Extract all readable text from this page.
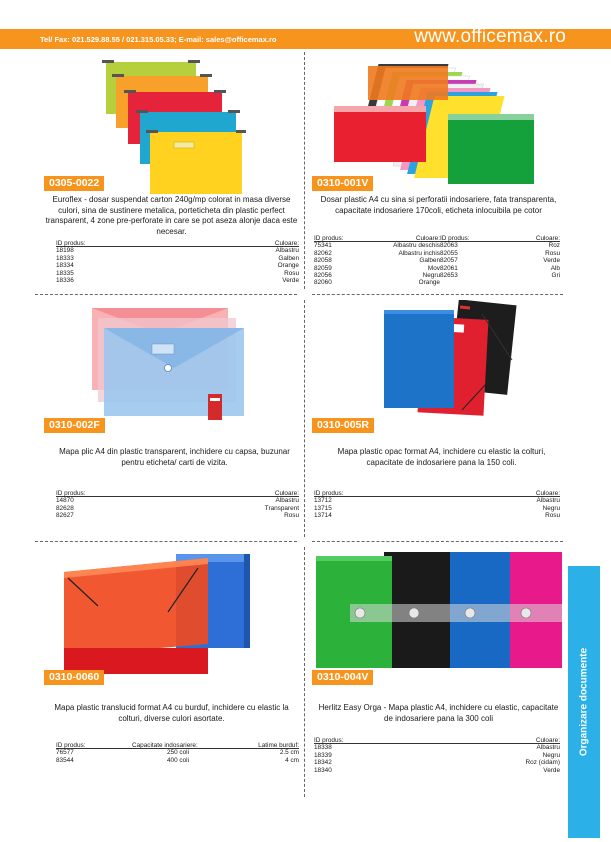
Tel/ Fax: 021.529.88.55 / 021.315.05.33; E-mail: sales@officemax.ro	www.officemax.ro
Organizare documente
0305-0022
Euroflex - dosar suspendat carton 240g/mp colorat in masa diverse culori, sina de sustinere metalica, porteticheta din plastic perfect transparent, 4 zone pre-perforate in care se pot aseza alonje daca este necesar.
ID produs:	Culoare:
18198	Albastru
18333	Galben
18334	Orange
18335	Rosu
18336	Verde
0310-001V
Dosar plastic A4 cu sina si perforatii indosariere, fata transparenta, capacitate indosariere 170coli, eticheta inlocuibila pe cotor
ID produs:	Culoare:
75341	Albastru deschis
82062	Albastru inchis
82058	Galben
82059	Mov
82056	Negru
82060	Orange
ID produs:	Culoare:
82063	Roz
82055	Rosu
82057	Verde
82061	Alb
82653	Gri
0310-002F
Mapa plic A4 din plastic transparent, inchidere cu capsa, buzunar pentru eticheta/ carti de vizita.
ID produs:	Culoare:
14870	Albastru
82628	Transparent
82627	Rosu
0310-005R
Mapa plastic opac format A4, inchidere cu elastic la colturi, capacitate de indosariere pana la 150 coli.
ID produs:	Culoare:
13712	Albastru
13715	Negru
13714	Rosu
0310-0060
Mapa plastic translucid format A4 cu burduf, inchidere cu elastic la colturi, diverse culori asortate.
ID produs:	Capacitate indosariere:	Latime burduf:
76577	250 coli	2.5 cm
83544	400 coli	4 cm
0310-004V
Herlitz Easy Orga - Mapa plastic A4, inchidere cu elastic, capacitate de indosariere pana la 300 coli
ID produs:	Culoare:
18338	Albastru
18339	Negru
18342	Roz (cidam)
18340	Verde
